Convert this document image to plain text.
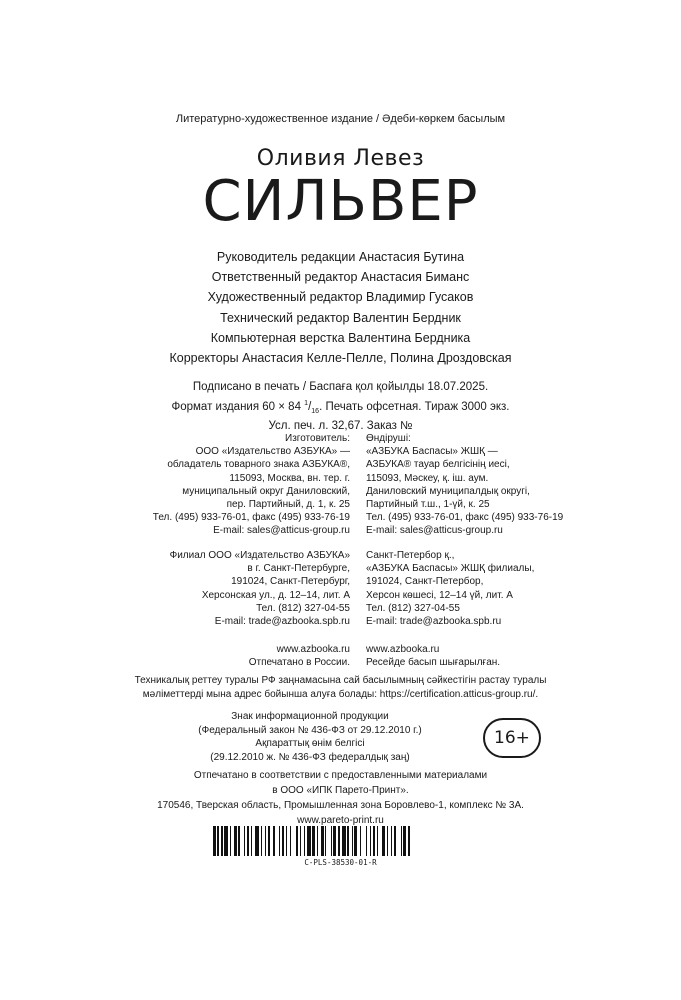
Литературно-художественное издание / Әдеби-көркем басылым
Оливия Левез
СИЛЬВЕР
Руководитель редакции Анастасия Бутина
Ответственный редактор Анастасия Биманс
Художественный редактор Владимир Гусаков
Технический редактор Валентин Бердник
Компьютерная верстка Валентина Бердника
Корректоры Анастасия Келле-Пелле, Полина Дроздовская
Подписано в печать / Баспаға қол қойылды 18.07.2025.
Формат издания 60 × 84 $^1/_{16}$. Печать офсетная. Тираж 3000 экз.
Усл. печ. л. 32,67. Заказ №
Изготовитель:
ООО «Издательство АЗБУКА» —
обладатель товарного знака АЗБУКА®,
115093, Москва, вн. тер. г.
муниципальный округ Даниловский,
пер. Партийный, д. 1, к. 25
Тел. (495) 933-76-01, факс (495) 933-76-19
E-mail: sales@atticus-group.ru
Өндіруші:
«АЗБУКА Баспасы» ЖШҚ —
АЗБУКА® тауар белгісінің иесі,
115093, Мәскеу, қ. іш. аум.
Даниловский муниципалдық округі,
Партийный т.ш., 1-үй, к. 25
Тел. (495) 933-76-01, факс (495) 933-76-19
E-mail: sales@atticus-group.ru
Филиал ООО «Издательство АЗБУКА»
в г. Санкт-Петербурге,
191024, Санкт-Петербург,
Херсонская ул., д. 12–14, лит. А
Тел. (812) 327-04-55
E-mail: trade@azbooka.spb.ru
Санкт-Петербор қ.,
«АЗБУКА Баспасы» ЖШҚ филиалы,
191024, Санкт-Петербор,
Херсон көшесі, 12–14 үй, лит. А
Тел. (812) 327-04-55
E-mail: trade@azbooka.spb.ru
www.azbooka.ru
Отпечатано в России.
www.azbooka.ru
Ресейде басып шығарылған.
Техникалық реттеу туралы РФ заңнамасына сай басылымның сәйкестігін растау туралы
мәліметтерді мына адрес бойынша алуға болады: https://certification.atticus-group.ru/.
Знак информационной продукции
(Федеральный закон № 436-ФЗ от 29.12.2010 г.)
Ақпараттық өнім белгісі
(29.12.2010 ж. № 436-ФЗ федералдық заң)
16+
Отпечатано в соответствии с предоставленными материалами
в ООО «ИПК Парето-Принт».
170546, Тверская область, Промышленная зона Боровлево-1, комплекс № 3А.
www.pareto-print.ru
C-PLS-38530-01-R
